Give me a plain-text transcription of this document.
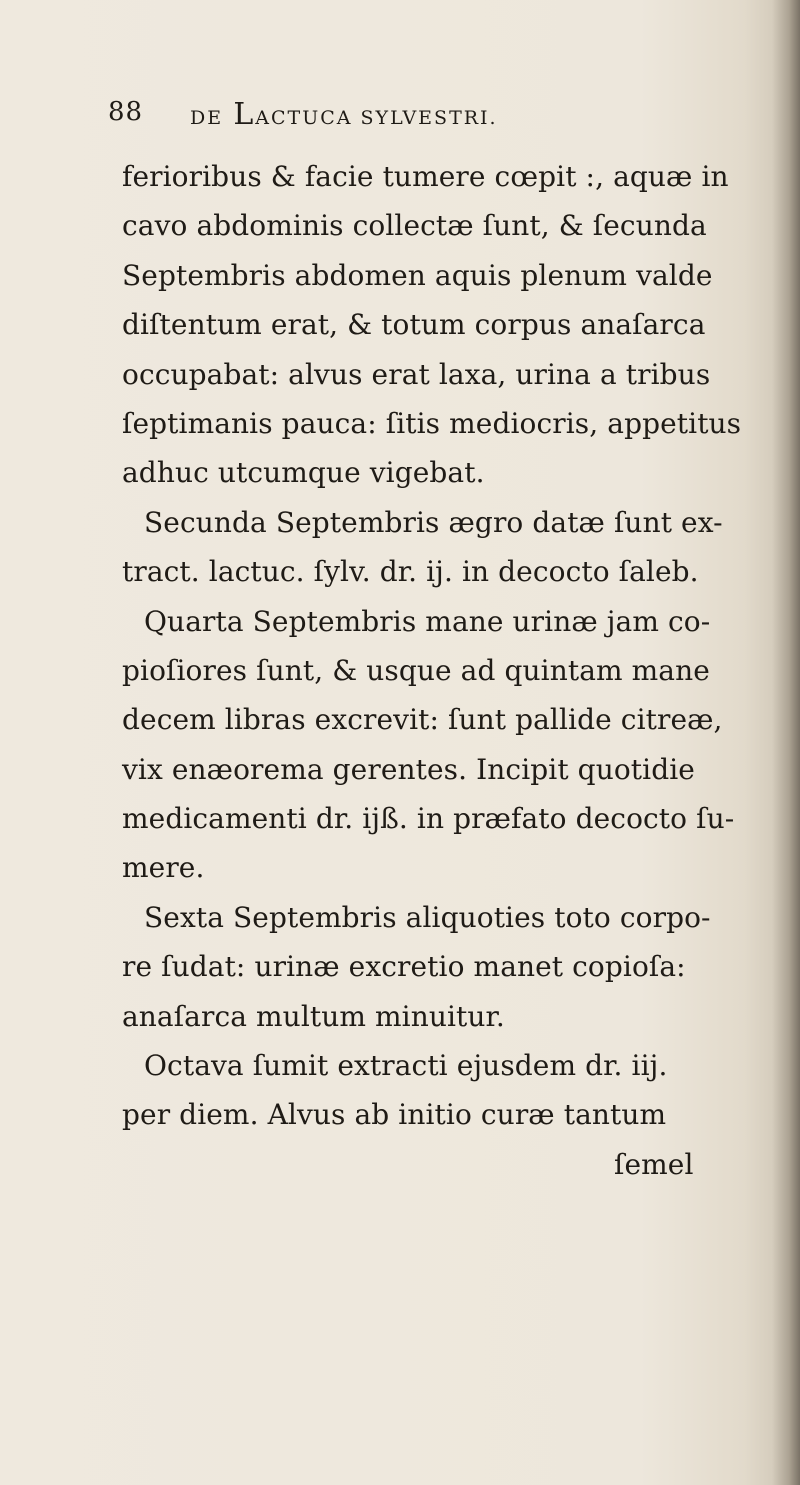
88 DE LACTUCA SYLVESTRI.
ferioribus & facie tumere cœpit :, aquæ in
cavo abdominis collectæ ſunt, & ſecunda
Septembris abdomen aquis plenum valde
diſtentum erat, & totum corpus anaſarca
occupabat: alvus erat laxa, urina a tribus
ſeptimanis pauca: ſitis mediocris, appetitus
adhuc utcumque vigebat.
Secunda Septembris ægro datæ ſunt ex-
tract. lactuc. ſylv. dr. ij. in decocto ſaleb.
Quarta Septembris mane urinæ jam co-
pioſiores ſunt, & usque ad quintam mane
decem libras excrevit: ſunt pallide citreæ,
vix enæorema gerentes. Incipit quotidie
medicamenti dr. ijß. in præfato decocto ſu-
mere.
Sexta Septembris aliquoties toto corpo-
re ſudat: urinæ excretio manet copioſa:
anaſarca multum minuitur.
Octava ſumit extracti ejusdem dr. iij.
per diem. Alvus ab initio curæ tantum
ſemel
